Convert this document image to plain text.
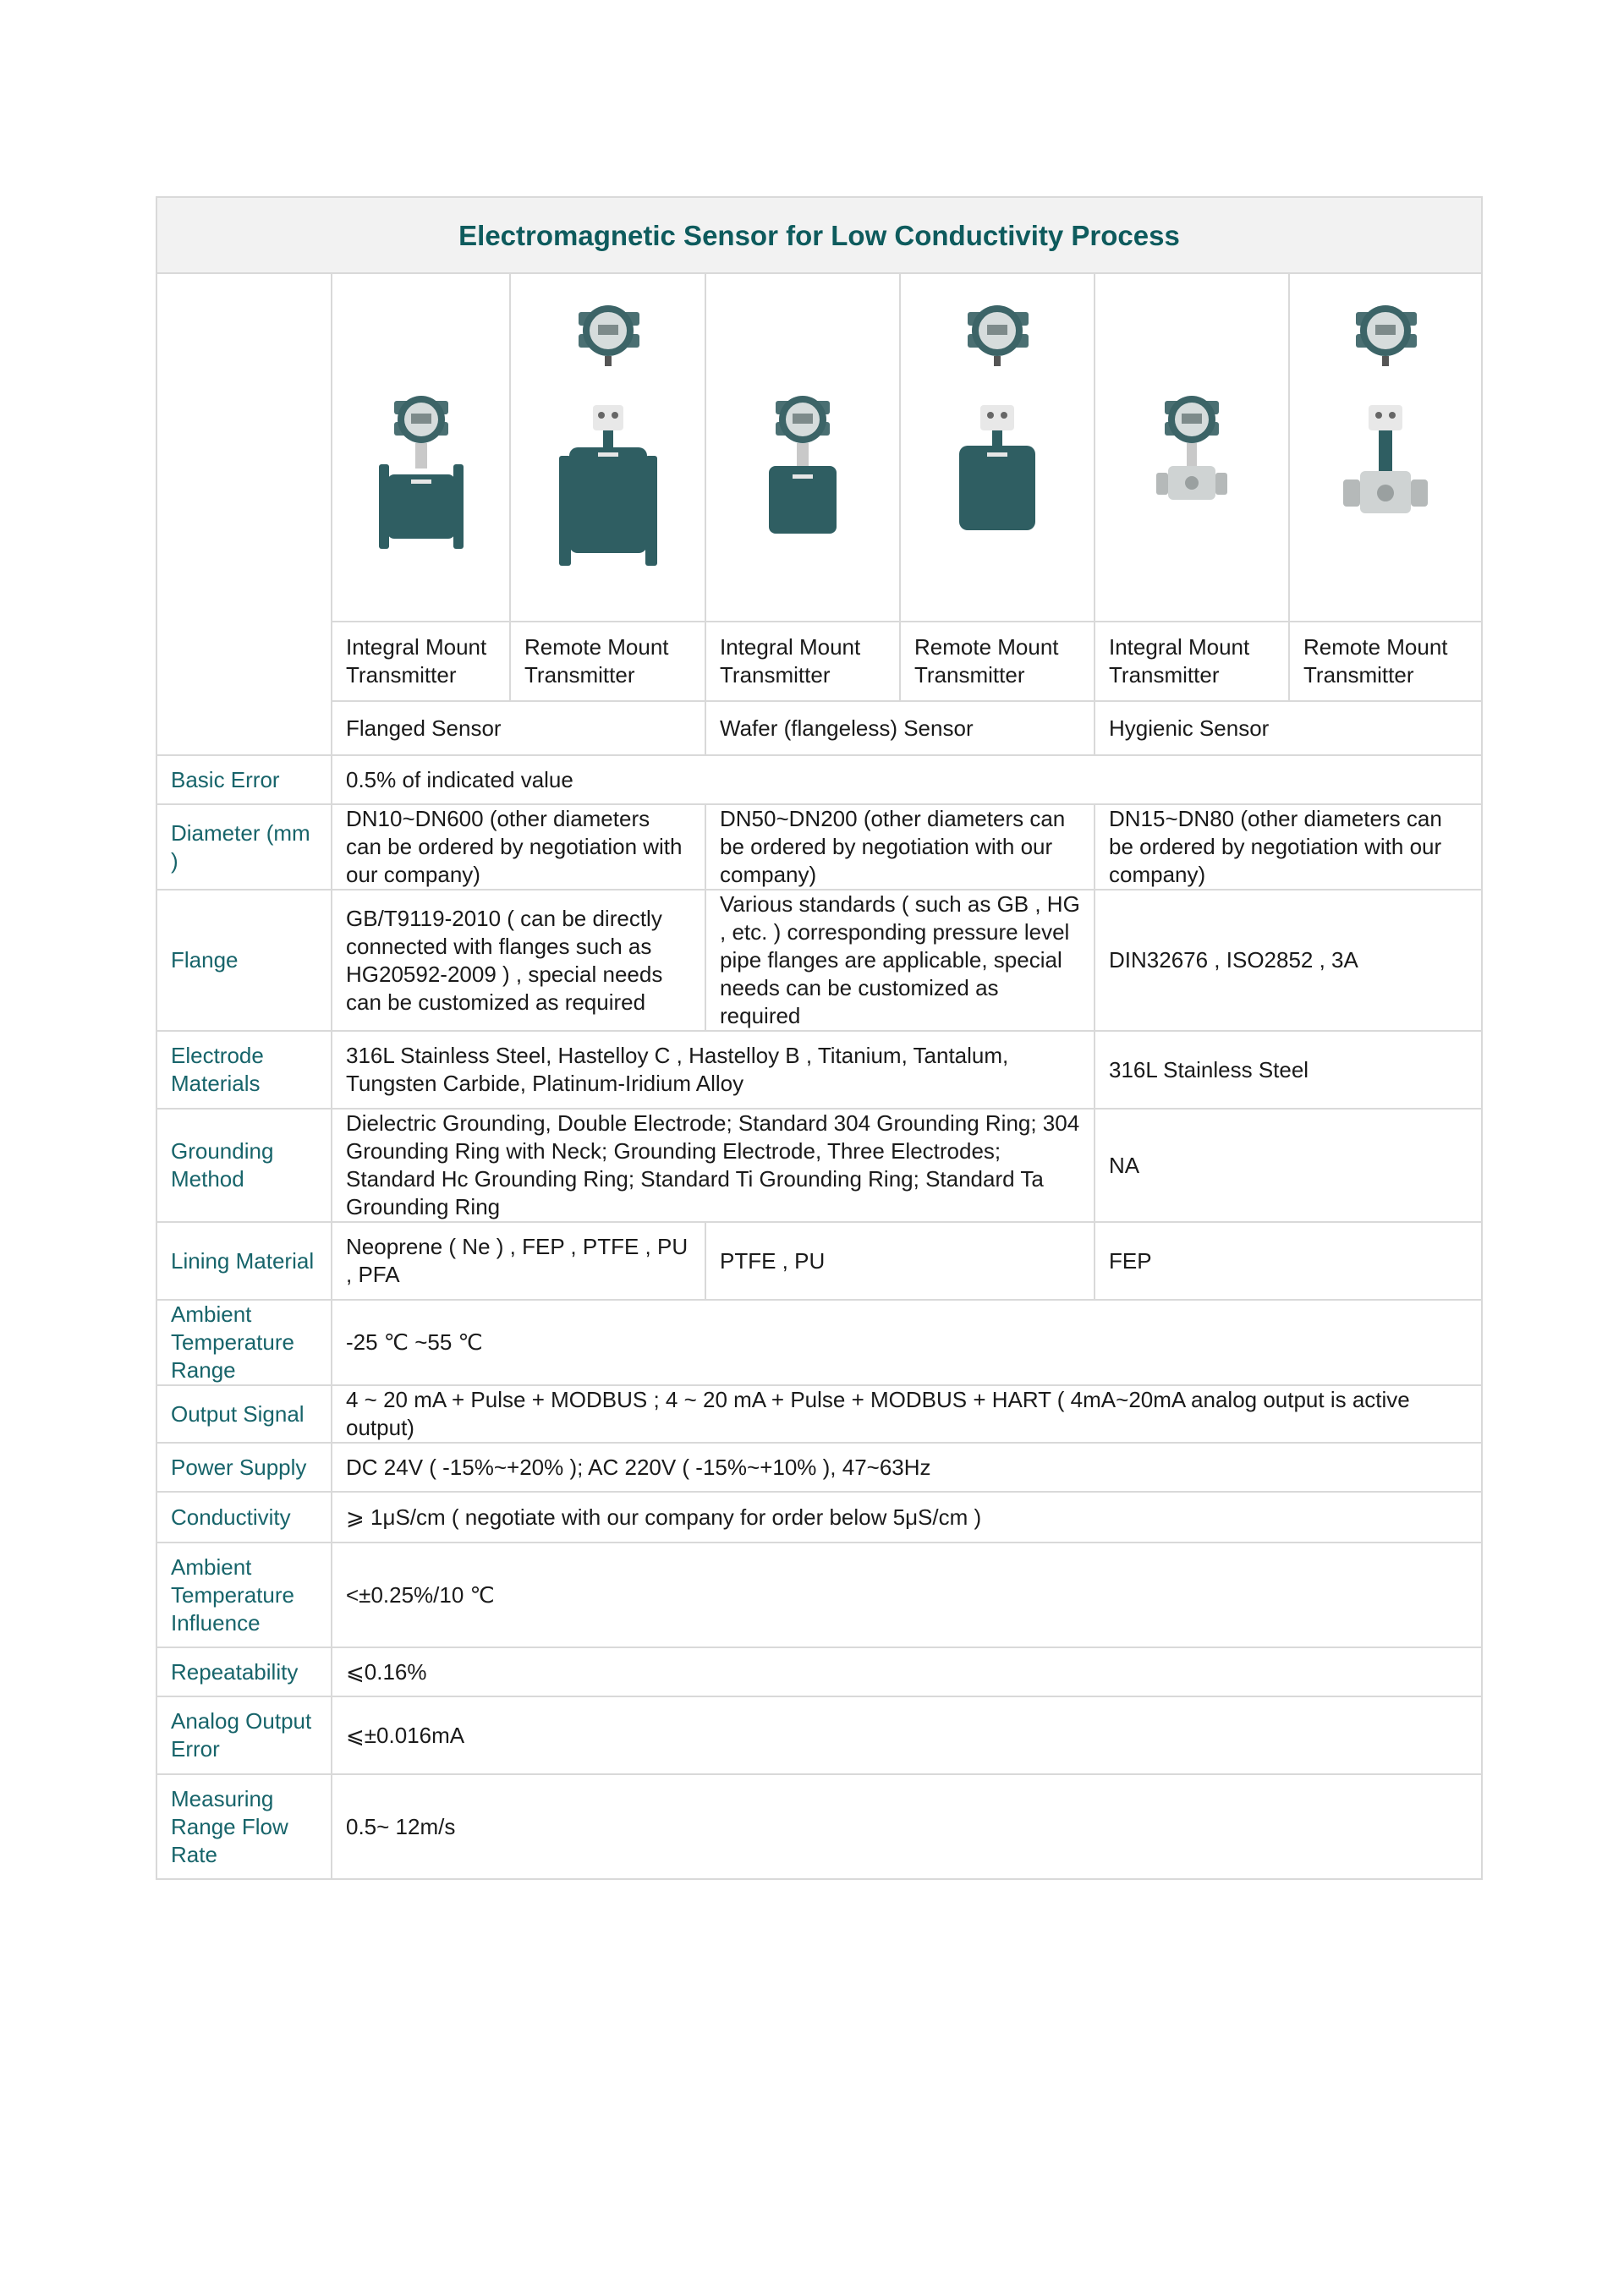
Electromagnetic Sensor for Low Conductivity Process						

	Integral Mount Transmitter	Remote Mount Transmitter	Integral Mount Transmitter	Remote Mount Transmitter	Integral Mount Transmitter	Remote Mount Transmitter
	Flanged Sensor		Wafer (flangeless) Sensor		Hygienic Sensor	
Basic Error	0.5% of indicated value					
Diameter (mm )	DN10~DN600 (other diameters can be ordered by negotiation with our company)		DN50~DN200 (other diameters can be ordered by negotiation with our company)		DN15~DN80 (other diameters can be ordered by negotiation with our company)	
Flange	GB/T9119-2010 ( can be directly connected with flanges such as HG20592-2009 ) , special needs can be customized as required		Various standards ( such as GB , HG , etc. ) corresponding pressure level pipe flanges are applicable, special needs can be customized as required		DIN32676 , ISO2852 , 3A	
Electrode Materials	316L Stainless Steel, Hastelloy C , Hastelloy B , Titanium, Tantalum, Tungsten Carbide, Platinum-Iridium Alloy				316L Stainless Steel	
Grounding Method	Dielectric Grounding, Double Electrode; Standard 304 Grounding Ring; 304 Grounding Ring with Neck; Grounding Electrode, Three Electrodes; Standard Hc Grounding Ring; Standard Ti Grounding Ring; Standard Ta Grounding Ring				NA	
Lining Material	Neoprene ( Ne ) , FEP , PTFE , PU , PFA		PTFE , PU		FEP	
Ambient Temperature Range	-25 ℃ ~55 ℃					
Output Signal	4 ~ 20 mA + Pulse + MODBUS ; 4 ~ 20 mA + Pulse + MODBUS + HART ( 4mA~20mA analog output is active output)					
Power Supply	DC 24V ( -15%~+20% ); AC 220V ( -15%~+10% ), 47~63Hz					
Conductivity	⩾ 1μS/cm ( negotiate with our company for order below 5μS/cm )					
Ambient Temperature Influence	<±0.25%/10 ℃					
Repeatability	⩽0.16%					
Analog Output Error	⩽±0.016mA					
Measuring Range Flow Rate	0.5~ 12m/s					
